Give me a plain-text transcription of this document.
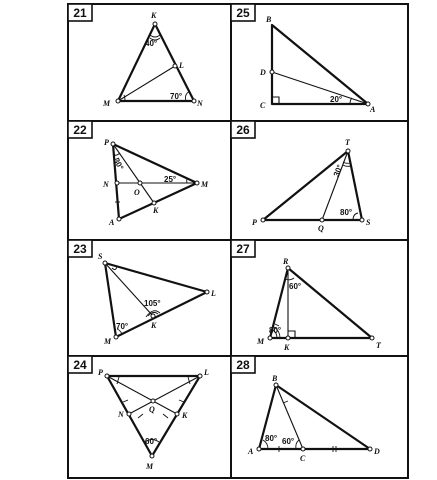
21	K
L
M	N
40°
70°
25 B
D
C	A
20°
22
P
N
O
M
K
A
30°
25°
26
T
P
Q
S
30°
80°
23
S
L
M
K
105°
70°
27
R
M
K	T
60°
80°
24
P	L
N
Q
K
M
60°
28
B
A
C
D
80° 60°
